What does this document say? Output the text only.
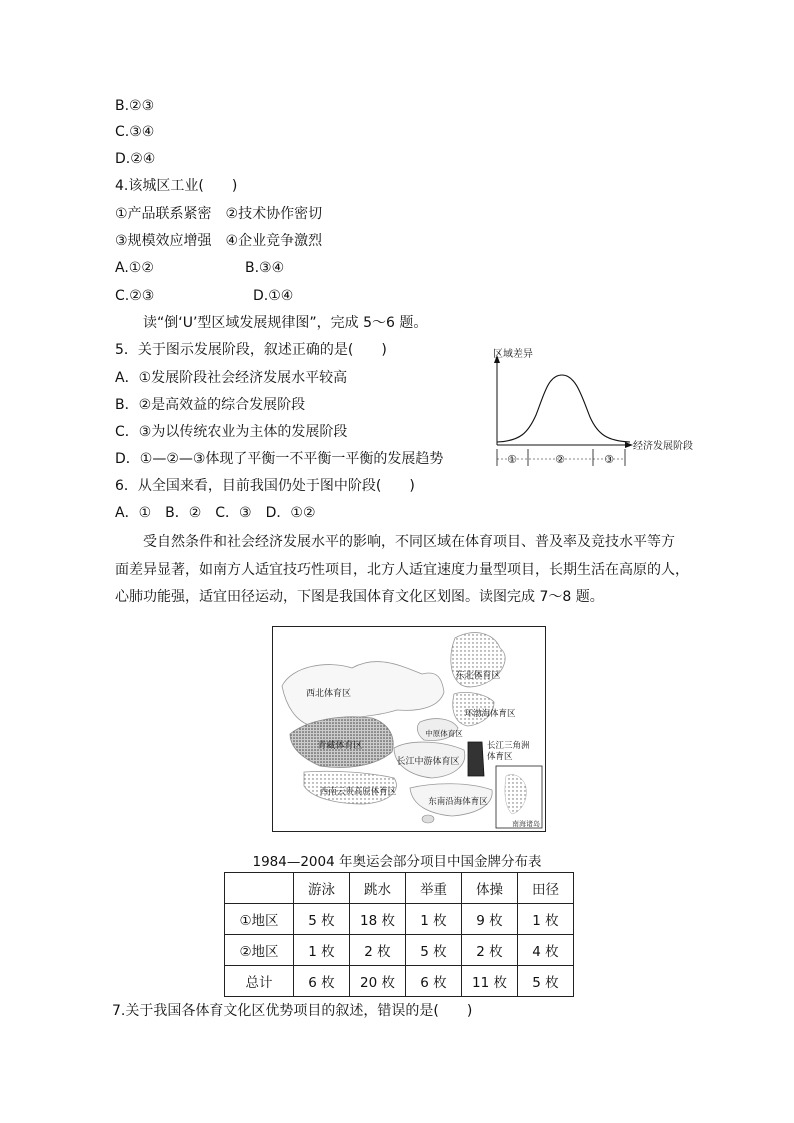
B.②③
C.③④
D.②④
4.该城区工业(　　)
①产品联系紧密　②技术协作密切
③规模效应增强　④企业竞争激烈
A.①②	B.③④
C.②③	D.①④
读“倒‘U’型区域发展规律图”，完成 5～6 题。
5．关于图示发展阶段，叙述正确的是(　　)
A．①发展阶段社会经济发展水平较高
B．②是高效益的综合发展阶段
C．③为以传统农业为主体的发展阶段
D．①—②—③体现了平衡一不平衡一平衡的发展趋势
6．从全国来看，目前我国仍处于图中阶段(　　)
A．①　B．②　C．③　D．①②
受自然条件和社会经济发展水平的影响，不同区域在体育项目、普及率及竞技水平等方
面差异显著，如南方人适宜技巧性项目，北方人适宜速度力量型项目，长期生活在高原的人，
心肺功能强，适宜田径运动，下图是我国体育文化区划图。读图完成 7～8 题。
区域差异
经济发展阶段
①	②	③
西北体育区
东北体育区
环渤海体育区
青藏体育区
中原体育区
长江三角洲
体育区
长江中游体育区
西南云贵高原体育区
东南沿海体育区
南海诸岛
1984—2004 年奥运会部分项目中国金牌分布表
	游泳	跳水	举重	体操	田径
①地区	5 枚	18 枚	1 枚	9 枚	1 枚
②地区	1 枚	2 枚	5 枚	2 枚	4 枚
总计	6 枚	20 枚	6 枚	11 枚	5 枚
7.关于我国各体育文化区优势项目的叙述，错误的是(　　)
